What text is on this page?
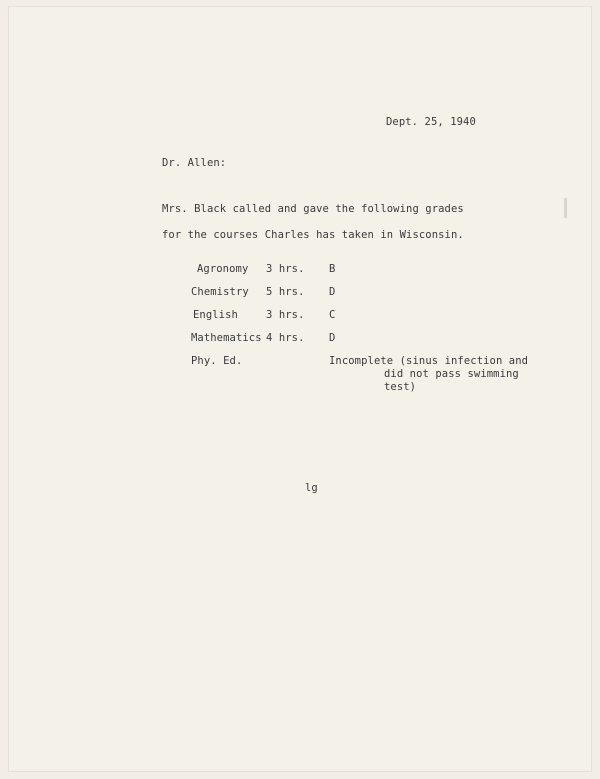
Dept. 25, 1940
Dr. Allen:
Mrs. Black called and gave the following grades
for the courses Charles has taken in Wisconsin.
Agronomy 3 hrs. B
Chemistry 5 hrs. D
English	3 hrs. C
Mathematics 4 hrs. D
Phy. Ed.	Incomplete (sinus infection and
did not pass swimming
test)
lg
